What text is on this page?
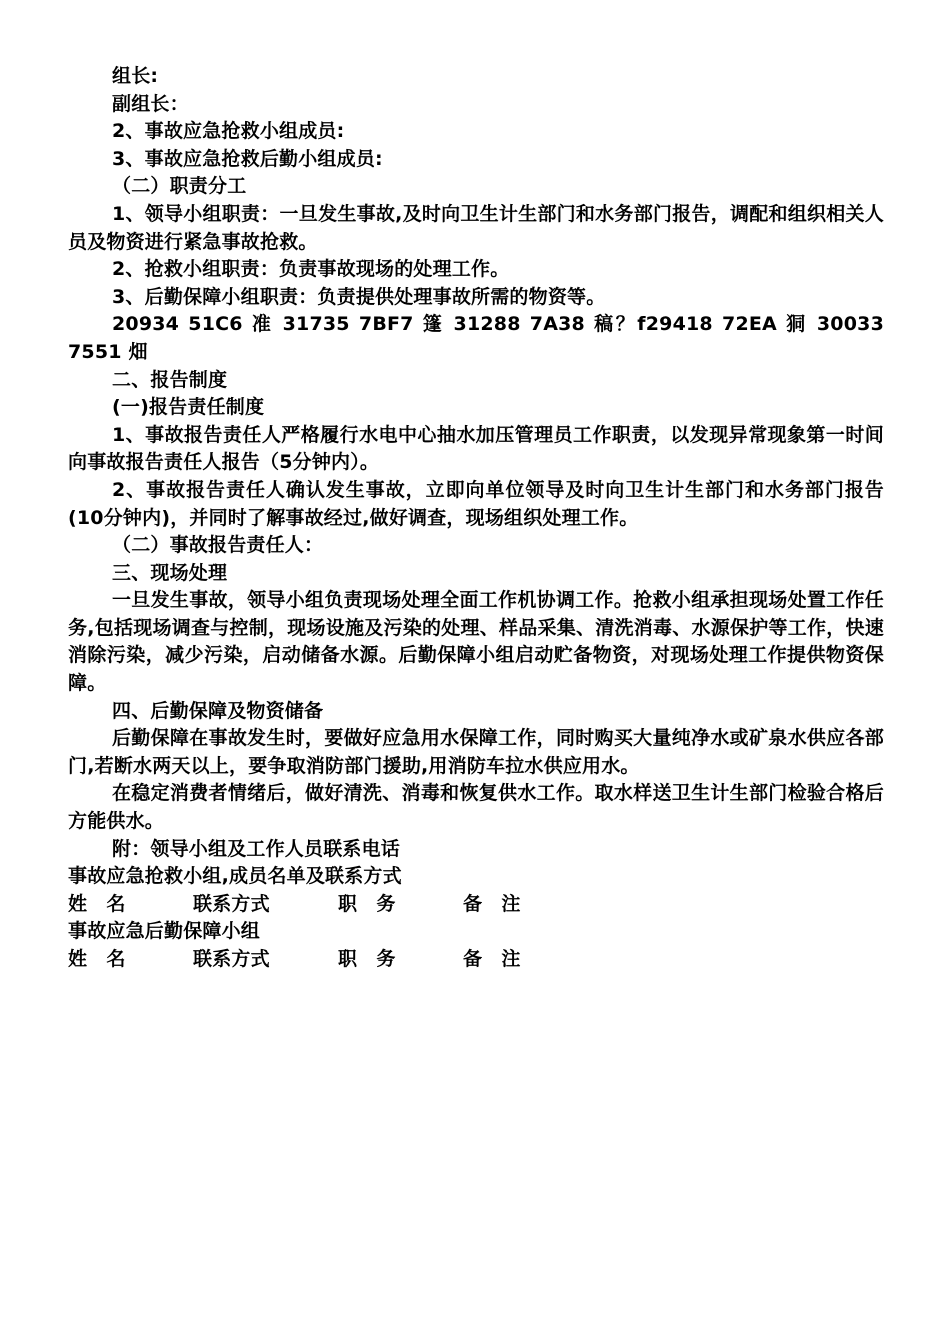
组长:

副组长：

2、事故应急抢救小组成员:

3、事故应急抢救后勤小组成员:

（二）职责分工

1、领导小组职责：一旦发生事故,及时向卫生计生部门和水务部门报告，调配和组织相关人员及物资进行紧急事故抢救。

2、抢救小组职责：负责事故现场的处理工作。

3、后勤保障小组职责：负责提供处理事故所需的物资等。

20934 51C6 准 31735 7BF7 篷 31288 7A38 稿？f29418 72EA 狪 30033 7551 畑

二、报告制度

(一)报告责任制度

1、事故报告责任人严格履行水电中心抽水加压管理员工作职责，以发现异常现象第一时间向事故报告责任人报告（5分钟内）。

2、事故报告责任人确认发生事故，立即向单位领导及时向卫生计生部门和水务部门报告(10分钟内)，并同时了解事故经过,做好调查，现场组织处理工作。

（二）事故报告责任人：

三、现场处理

一旦发生事故，领导小组负责现场处理全面工作机协调工作。抢救小组承担现场处置工作任务,包括现场调查与控制，现场设施及污染的处理、样品采集、清洗消毒、水源保护等工作，快速消除污染，减少污染，启动储备水源。后勤保障小组启动贮备物资，对现场处理工作提供物资保障。

四、后勤保障及物资储备

后勤保障在事故发生时，要做好应急用水保障工作，同时购买大量纯净水或矿泉水供应各部门,若断水两天以上，要争取消防部门援助,用消防车拉水供应用水。

在稳定消费者情绪后，做好清洗、消毒和恢复供水工作。取水样送卫生计生部门检验合格后方能供水。

附：领导小组及工作人员联系电话

事故应急抢救小组,成员名单及联系方式

姓　名	联系方式	职　务	备　注

事故应急后勤保障小组

姓　名	联系方式	职　务	备　注
